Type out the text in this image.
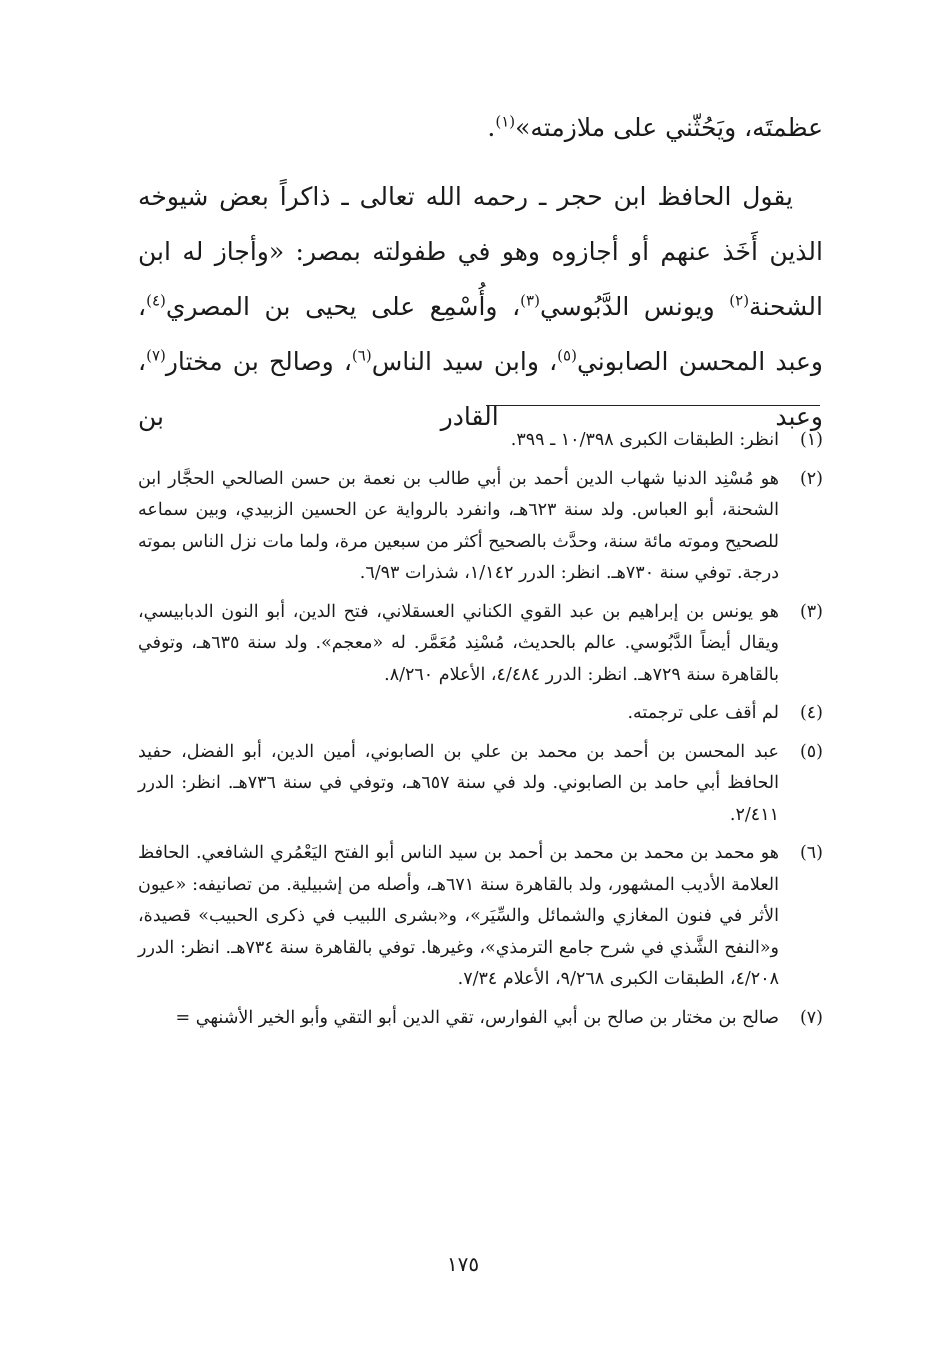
عظمتَه، ويَحُثّني على ملازمته»$^{(١)}$.

يقول الحافظ ابن حجر ـ رحمه الله تعالى ـ ذاكراً بعض شيوخه الذين أَخَذ عنهم أو أجازوه وهو في طفولته بمصر: «وأجاز له ابن الشحنة$^{(٢)}$ ويونس الدَّبُوسي$^{(٣)}$، وأُسْمِع على يحيى بن المصري$^{(٤)}$، وعبد المحسن الصابوني$^{(٥)}$، وابن سيد الناس$^{(٦)}$، وصالح بن مختار$^{(٧)}$، وعبد القادر بن

(١)
انظر: الطبقات الكبرى ١٠/٣٩٨ ـ ٣٩٩.
(٢)
هو مُسْنِد الدنيا شهاب الدين أحمد بن أبي طالب بن نعمة بن حسن الصالحي الحجَّار ابن الشحنة، أبو العباس. ولد سنة ٦٢٣هـ، وانفرد بالرواية عن الحسين الزبيدي، وبين سماعه للصحيح وموته مائة سنة، وحدَّث بالصحيح أكثر من سبعين مرة، ولما مات نزل الناس بموته درجة. توفي سنة ٧٣٠هـ. انظر: الدرر ١/١٤٢، شذرات ٦/٩٣.
(٣)
هو يونس بن إبراهيم بن عبد القوي الكناني العسقلاني، فتح الدين، أبو النون الدبابيسي، ويقال أيضاً الدَّبُوسي. عالم بالحديث، مُسْنِد مُعَمَّر. له «معجم». ولد سنة ٦٣٥هـ، وتوفي بالقاهرة سنة ٧٢٩هـ. انظر: الدرر ٤/٤٨٤، الأعلام ٨/٢٦٠.
(٤)
لم أقف على ترجمته.
(٥)
عبد المحسن بن أحمد بن محمد بن علي بن الصابوني، أمين الدين، أبو الفضل، حفيد الحافظ أبي حامد بن الصابوني. ولد في سنة ٦٥٧هـ، وتوفي في سنة ٧٣٦هـ. انظر: الدرر ٢/٤١١.
(٦)
هو محمد بن محمد بن محمد بن أحمد بن سيد الناس أبو الفتح اليَعْمُري الشافعي. الحافظ العلامة الأديب المشهور، ولد بالقاهرة سنة ٦٧١هـ، وأصله من إشبيلية. من تصانيفه: «عيون الأثر في فنون المغازي والشمائل والسِّيَر»، و«بشرى اللبيب في ذكرى الحبيب» قصيدة، و«النفح الشَّذي في شرح جامع الترمذي»، وغيرها. توفي بالقاهرة سنة ٧٣٤هـ. انظر: الدرر ٤/٢٠٨، الطبقات الكبرى ٩/٢٦٨، الأعلام ٧/٣٤.
(٧)
صالح بن مختار بن صالح بن أبي الفوارس، تقي الدين أبو التقي وأبو الخير الأشنهي =
١٧٥
